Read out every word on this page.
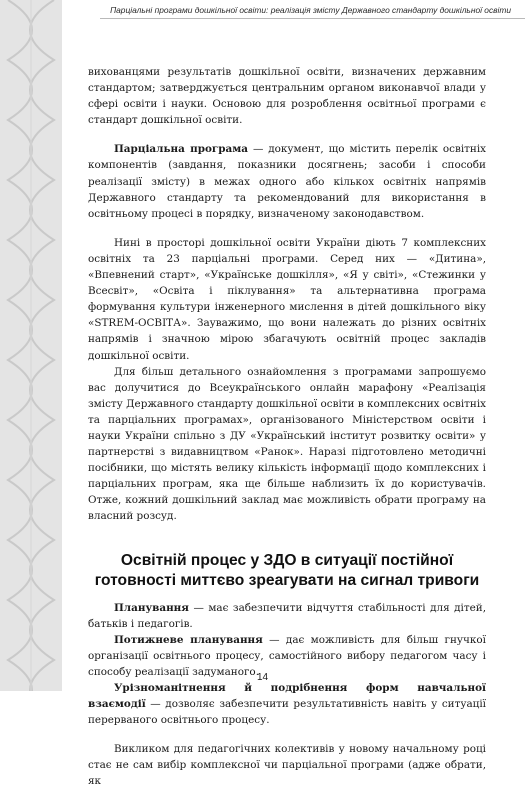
Парціальні програми дошкільної освіти: реалізація змісту Державного стандарту дошкільної освіти

вихованцями результатів дошкільної освіти, визначених державним стандартом; затверджується центральним органом виконавчої влади у сфері освіти і науки. Основою для розроблення освітньої програми є стандарт дошкільної освіти.

Парціальна програма — документ, що містить перелік освітніх компонентів (завдання, показники досягнень; засоби і способи реалізації змісту) в межах одного або кількох освітніх напрямів Державного стандарту та рекомендований для використання в освітньому процесі в порядку, визначеному законодавством.

Нині в просторі дошкільної освіти України діють 7 комплексних освітніх та 23 парціальні програми. Серед них — «Дитина», «Впевнений старт», «Українське дошкілля», «Я у світі», «Стежинки у Всесвіт», «Освіта і піклування» та альтернативна програма формування культури інженерного мислення в дітей дошкільного віку «STREM-ОСВІТА». Зауважимо, що вони належать до різних освітніх напрямів і значною мірою збагачують освітній процес закладів дошкільної освіти.

Для більш детального ознайомлення з програмами запрошуємо вас долучитися до Всеукраїнського онлайн марафону «Реалізація змісту Державного стандарту дошкільної освіти в комплексних освітніх та парціальних програмах», організованого Міністерством освіти і науки України спільно з ДУ «Український інститут розвитку освіти» у партнерстві з видавництвом «Ранок». Наразі підготовлено методичні посібники, що містять велику кількість інформації щодо комплексних і парціальних програм, яка ще більше наблизить їх до користувачів. Отже, кожний дошкільний заклад має можливість обрати програму на власний розсуд.

Освітній процес у ЗДО в ситуації постійної готовності миттєво зреагувати на сигнал тривоги

Планування — має забезпечити відчуття стабільності для дітей, батьків і педагогів.

Потижневе планування — дає можливість для більш гнучкої організації освітнього процесу, самостійного вибору педагогом часу і способу реалізації задуманого.

Урізноманітнення й подрібнення форм навчальної взаємодії — дозволяє забезпечити результативність навіть у ситуації перерваного освітнього процесу.

Викликом для педагогічних колективів у новому начальному році стає не сам вибір комплексної чи парціальної програми (адже обрати, як

14
